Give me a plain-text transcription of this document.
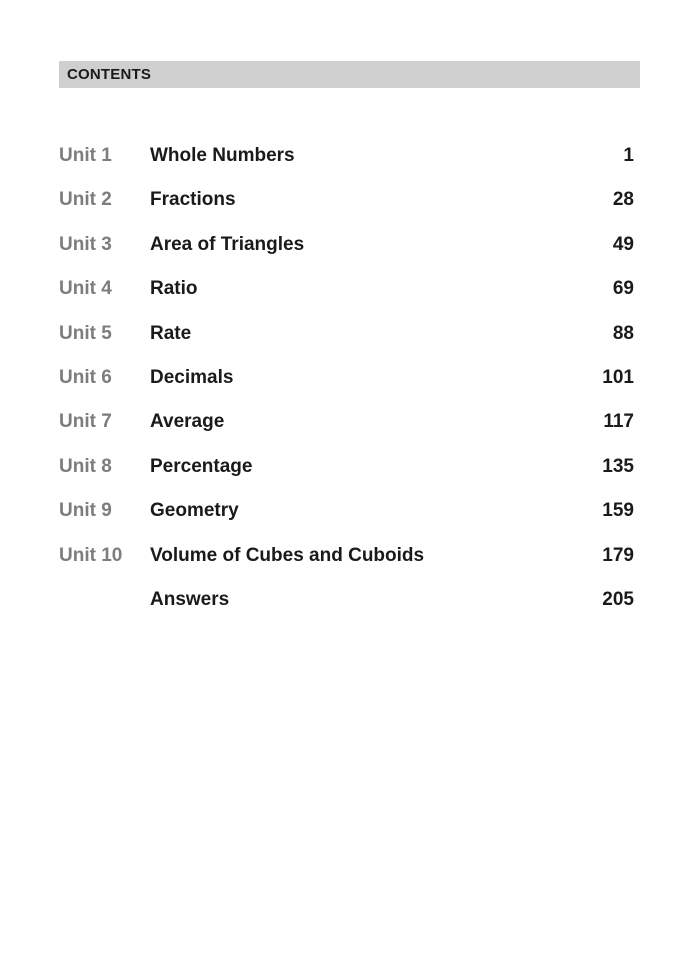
CONTENTS
Unit 1	Whole Numbers	1
Unit 2	Fractions	28
Unit 3	Area of Triangles	49
Unit 4	Ratio	69
Unit 5	Rate	88
Unit 6	Decimals	101
Unit 7	Average	117
Unit 8	Percentage	135
Unit 9	Geometry	159
Unit 10	Volume of Cubes and Cuboids	179
Answers	205
